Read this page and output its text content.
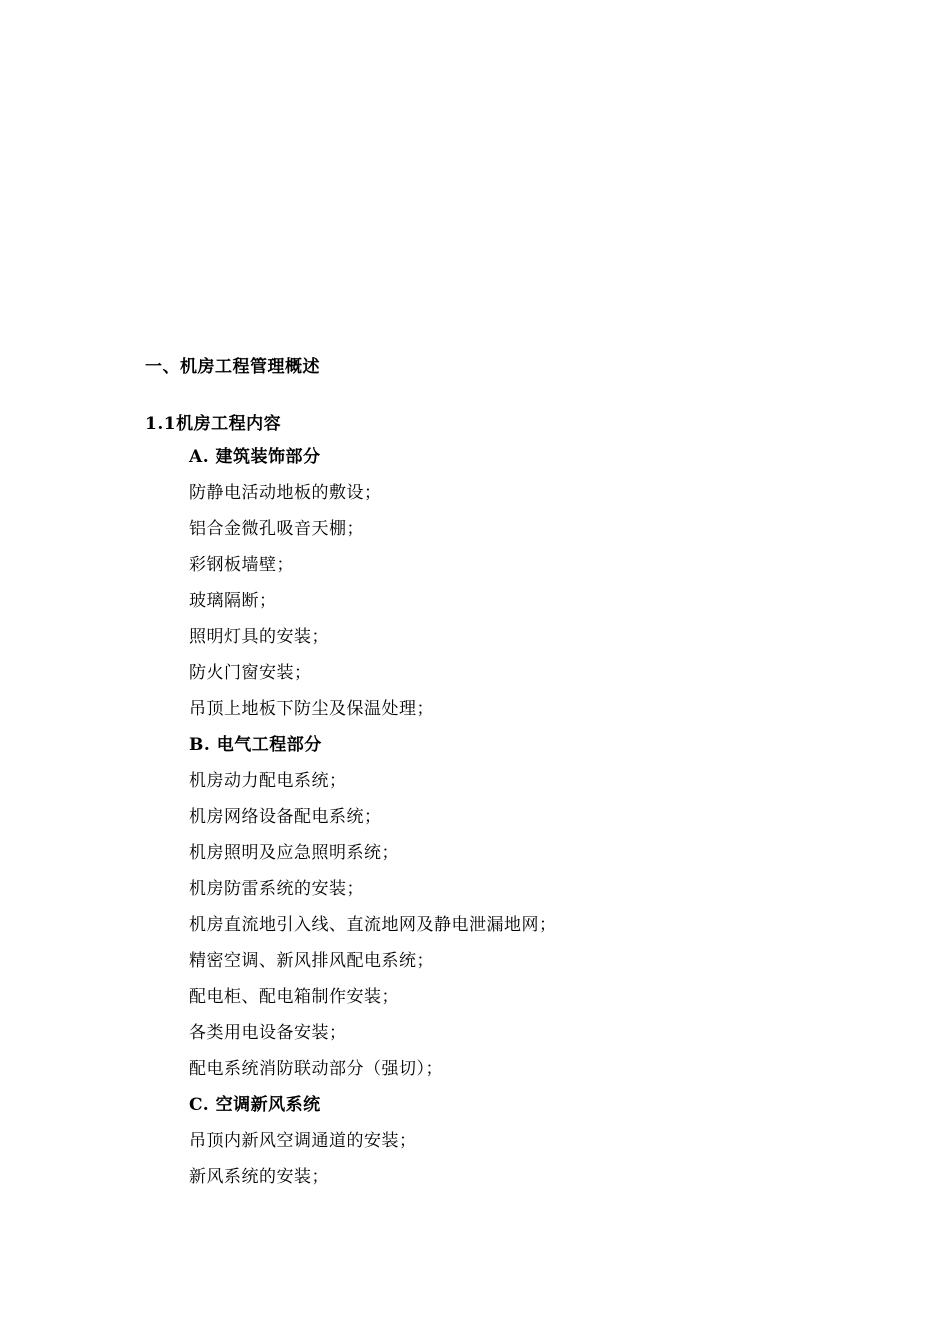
一、机房工程管理概述
1.1机房工程内容
A. 建筑装饰部分
防静电活动地板的敷设；
铝合金微孔吸音天棚；
彩钢板墙壁；
玻璃隔断；
照明灯具的安装；
防火门窗安装；
吊顶上地板下防尘及保温处理；
B. 电气工程部分
机房动力配电系统；
机房网络设备配电系统；
机房照明及应急照明系统；
机房防雷系统的安装；
机房直流地引入线、直流地网及静电泄漏地网；
精密空调、新风排风配电系统；
配电柜、配电箱制作安装；
各类用电设备安装；
配电系统消防联动部分（强切）；
C. 空调新风系统
吊顶内新风空调通道的安装；
新风系统的安装；
